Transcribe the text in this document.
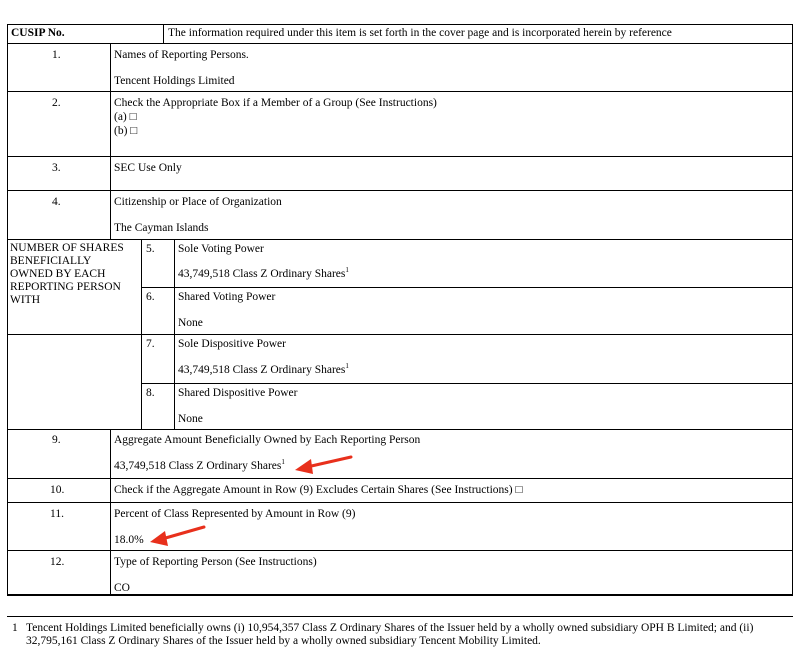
CUSIP No.	The information required under this item is set forth in the cover page and is incorporated herein by reference
1.	Names of Reporting Persons.
Tencent Holdings Limited
2.	Check the Appropriate Box if a Member of a Group (See Instructions)
(a) □
(b) □
3.	SEC Use Only
4.	Citizenship or Place of Organization
The Cayman Islands
NUMBER OF SHARES
BENEFICIALLY
OWNED BY EACH
REPORTING PERSON
WITH
5. Sole Voting Power
43,749,518 Class Z Ordinary Shares$^1$
6. Shared Voting Power
None
7. Sole Dispositive Power
43,749,518 Class Z Ordinary Shares$^1$
8. Shared Dispositive Power
None
9.	Aggregate Amount Beneficially Owned by Each Reporting Person
43,749,518 Class Z Ordinary Shares$^1$
10.	Check if the Aggregate Amount in Row (9) Excludes Certain Shares (See Instructions) □
11.	Percent of Class Represented by Amount in Row (9)
18.0%
12.	Type of Reporting Person (See Instructions)
CO
1 Tencent Holdings Limited beneficially owns (i) 10,954,357 Class Z Ordinary Shares of the Issuer held by a wholly owned subsidiary OPH B Limited; and (ii)
32,795,161 Class Z Ordinary Shares of the Issuer held by a wholly owned subsidiary Tencent Mobility Limited.
